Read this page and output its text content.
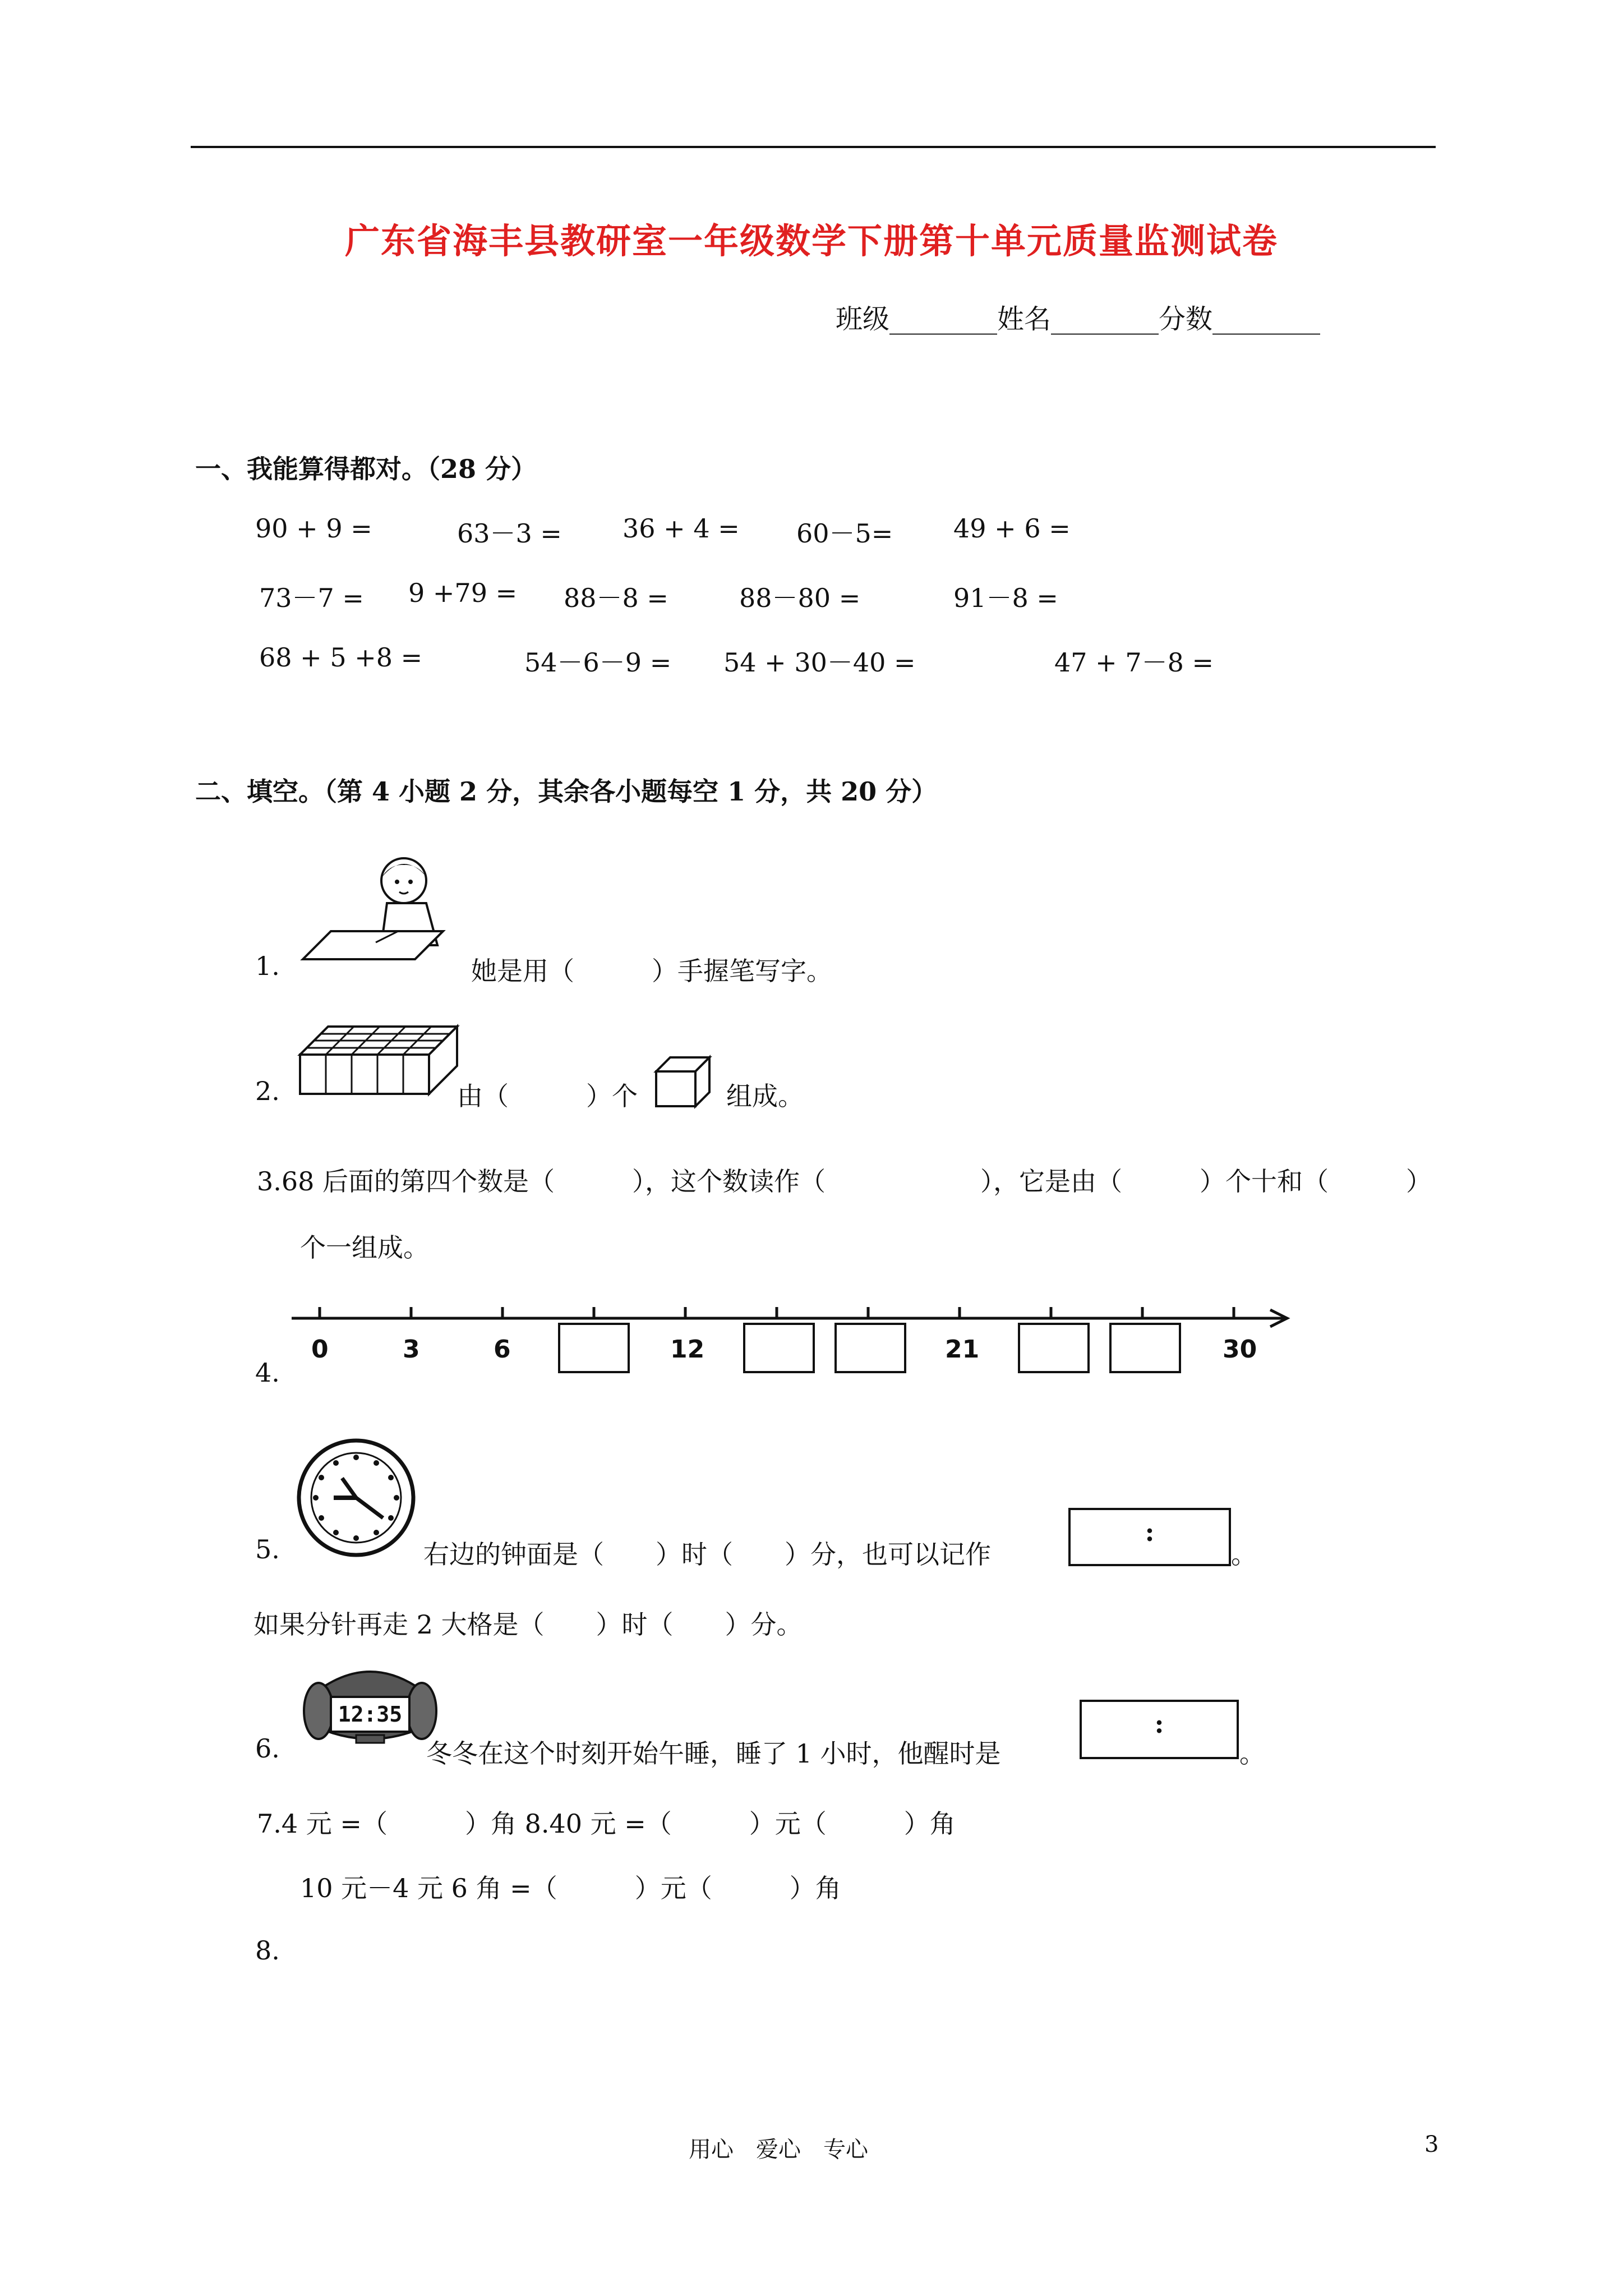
广东省海丰县教研室一年级数学下册第十单元质量监测试卷
班级________姓名________分数________
一、我能算得都对。（28 分）
90 + 9 =	63－3 = 36 + 4 = 60－5= 49 + 6 =
73－7 = 9 +79 = 88－8 =	88－80 =	91－8 =
68 + 5 +8 =	54－6－9 = 54 + 30－40 =	47 + 7－8 =
二、填空。（第 4 小题 2 分，其余各小题每空 1 分，共 20 分）
1.	她是用（　　　）手握笔写字。
2.	由（　　　）个	组成。
3.68 后面的第四个数是（　　　），这个数读作（　　　　　　），它是由（　　　）个十和（　　　）
个一组成。
4.
0	3	6	12	21	30
5.	右边的钟面是（　　）时（　　）分，也可以记作
:
。
如果分针再走 2 大格是（　　）时（　　）分。
12:35
6.	冬冬在这个时刻开始午睡，睡了 1 小时，他醒时是
:
。
7.4 元 =（　　　）角 8.40 元 =（　　　）元（　　　）角
10 元－4 元 6 角 =（　　　）元（　　　）角
8.
用心　爱心　专心	3
